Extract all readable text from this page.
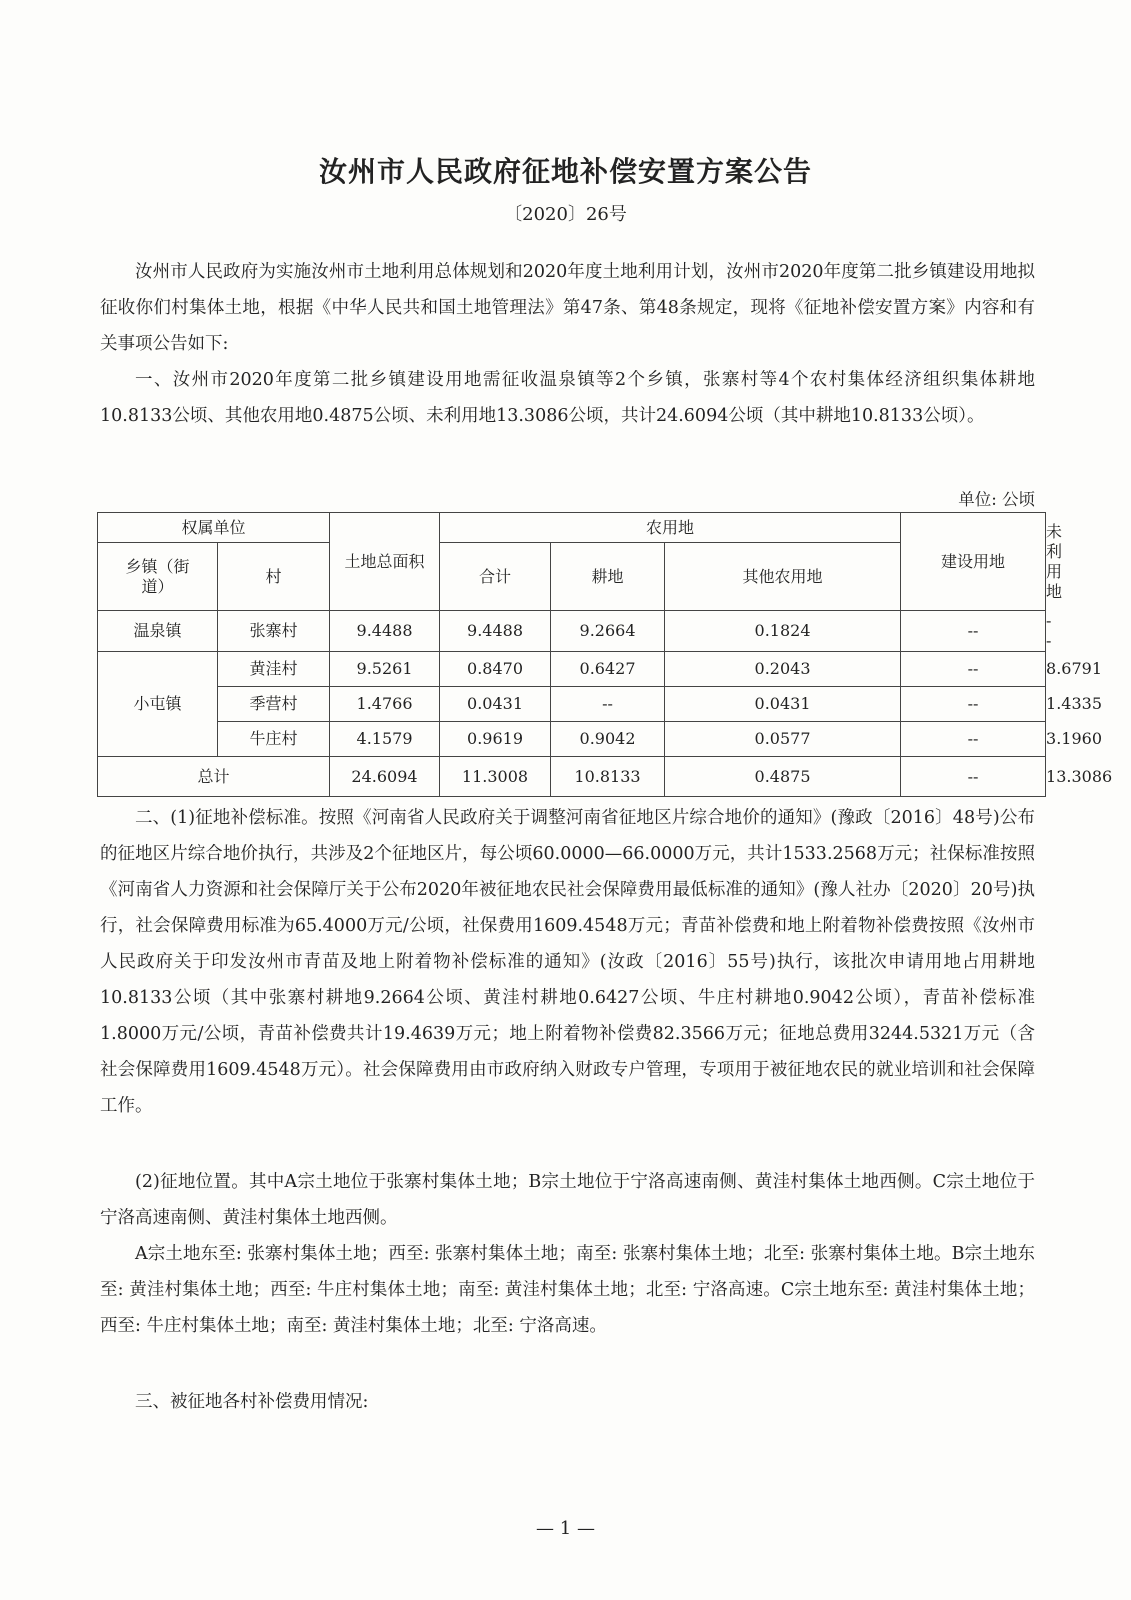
汝州市人民政府征地补偿安置方案公告
〔2020〕26号

汝州市人民政府为实施汝州市土地利用总体规划和2020年度土地利用计划，汝州市2020年度第二批乡镇建设用地拟征收你们村集体土地，根据《中华人民共和国土地管理法》第47条、第48条规定，现将《征地补偿安置方案》内容和有关事项公告如下:

一、汝州市2020年度第二批乡镇建设用地需征收温泉镇等2个乡镇，张寨村等4个农村集体经济组织集体耕地10.8133公顷、其他农用地0.4875公顷、未利用地13.3086公顷，共计24.6094公顷（其中耕地10.8133公顷）。

单位: 公顷
权属单位		土地总面积	农用地			建设用地	未利用地
乡镇（街道）	村		合计	耕地	其他农用地		

温泉镇	张寨村	9.4488	9.4488	9.2664	0.1824	--	--
小屯镇	黄洼村	9.5261	0.8470	0.6427	0.2043	--	8.6791
	季营村	1.4766	0.0431	--	0.0431	--	1.4335
	牛庄村	4.1579	0.9619	0.9042	0.0577	--	3.1960
总计		24.6094	11.3008	10.8133	0.4875	--	13.3086

二、(1)征地补偿标准。按照《河南省人民政府关于调整河南省征地区片综合地价的通知》(豫政〔2016〕48号)公布的征地区片综合地价执行，共涉及2个征地区片，每公顷60.0000—66.0000万元，共计1533.2568万元；社保标准按照《河南省人力资源和社会保障厅关于公布2020年被征地农民社会保障费用最低标准的通知》(豫人社办〔2020〕20号)执行，社会保障费用标准为65.4000万元/公顷，社保费用1609.4548万元；青苗补偿费和地上附着物补偿费按照《汝州市人民政府关于印发汝州市青苗及地上附着物补偿标准的通知》(汝政〔2016〕55号)执行，该批次申请用地占用耕地10.8133公顷（其中张寨村耕地9.2664公顷、黄洼村耕地0.6427公顷、牛庄村耕地0.9042公顷），青苗补偿标准1.8000万元/公顷，青苗补偿费共计19.4639万元；地上附着物补偿费82.3566万元；征地总费用3244.5321万元（含社会保障费用1609.4548万元）。社会保障费用由市政府纳入财政专户管理，专项用于被征地农民的就业培训和社会保障工作。

(2)征地位置。其中A宗土地位于张寨村集体土地；B宗土地位于宁洛高速南侧、黄洼村集体土地西侧。C宗土地位于宁洛高速南侧、黄洼村集体土地西侧。

A宗土地东至: 张寨村集体土地；西至: 张寨村集体土地；南至: 张寨村集体土地；北至: 张寨村集体土地。B宗土地东至: 黄洼村集体土地；西至: 牛庄村集体土地；南至: 黄洼村集体土地；北至: 宁洛高速。C宗土地东至: 黄洼村集体土地；西至: 牛庄村集体土地；南至: 黄洼村集体土地；北至: 宁洛高速。

三、被征地各村补偿费用情况:

— 1 —
